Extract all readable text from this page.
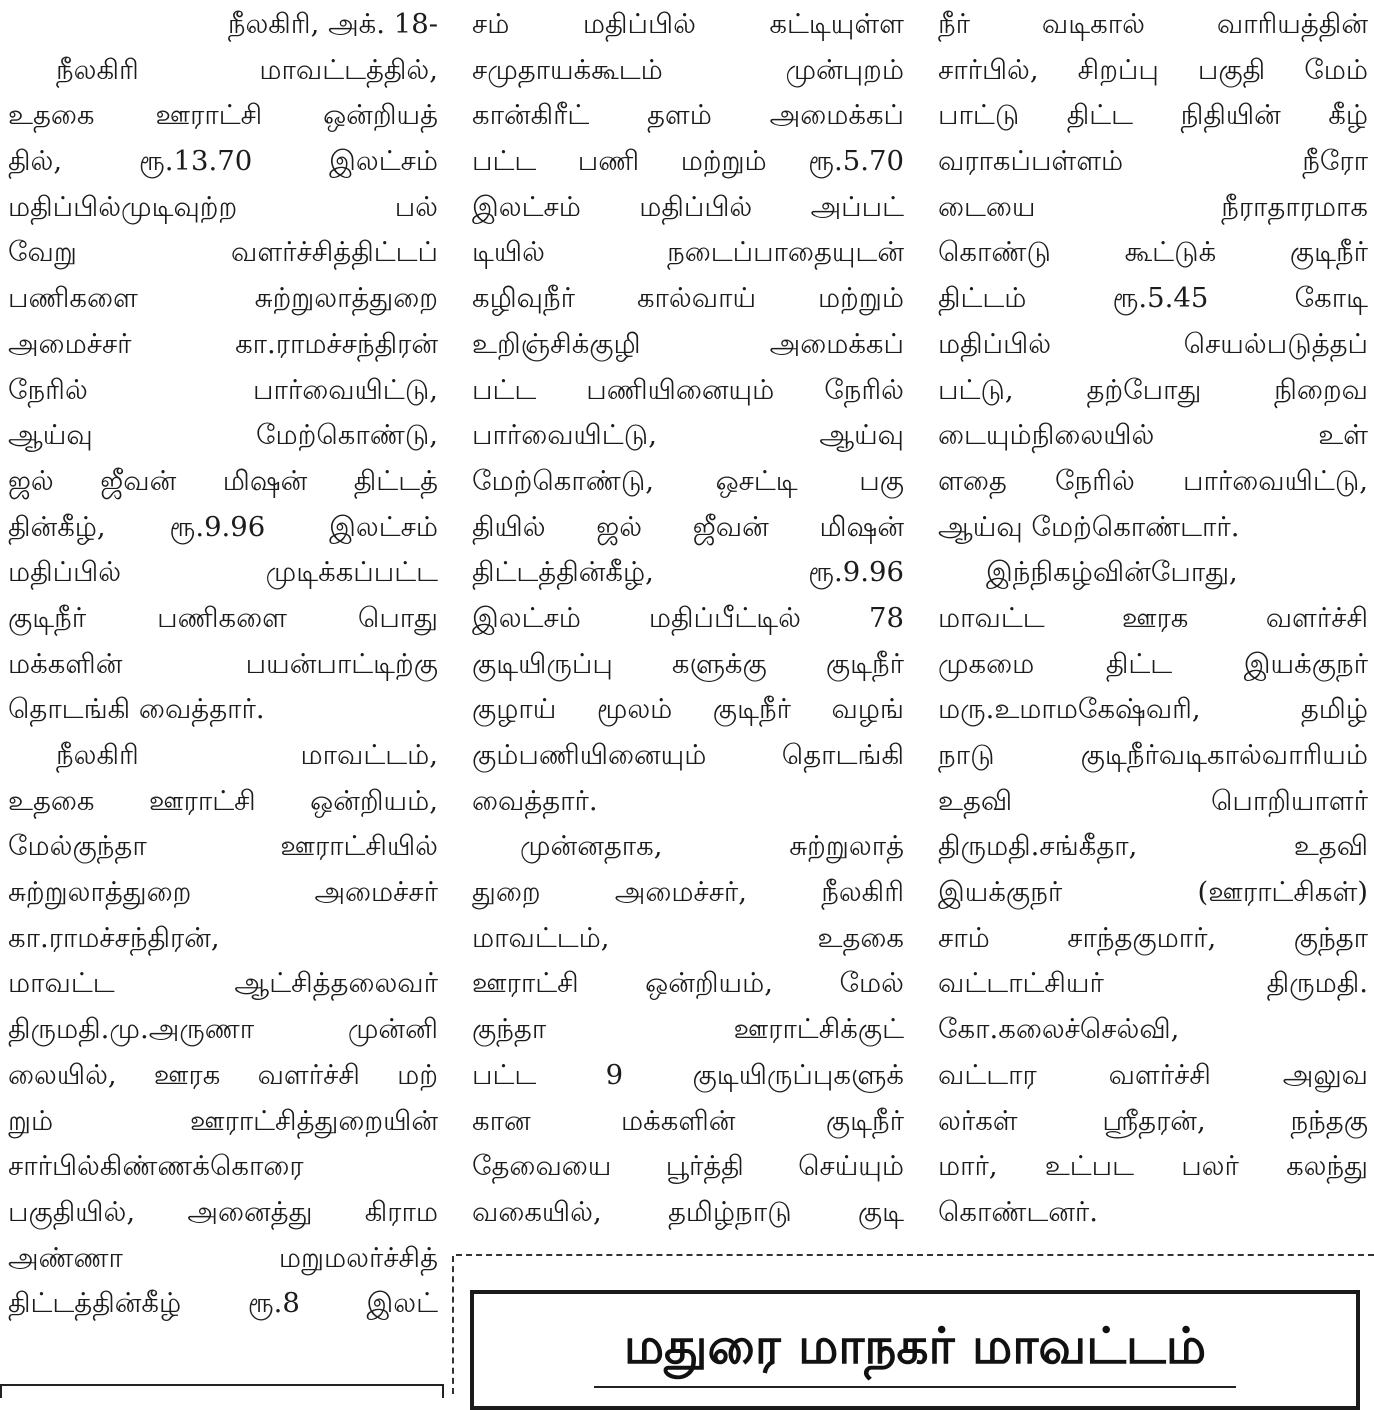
நீலகிரி, அக். 18-
நீலகிரி மாவட்டத்தில்,
உதகை ஊராட்சி ஒன்றியத்
தில், ரூ.13.70 இலட்சம்
மதிப்பில்முடிவுற்ற பல்
வேறு வளர்ச்சித்திட்டப்
பணிகளை சுற்றுலாத்துறை
அமைச்சர் கா.ராமச்சந்திரன்
நேரில் பார்வையிட்டு,
ஆய்வு மேற்கொண்டு,
ஜல் ஜீவன் மிஷன் திட்டத்
தின்கீழ், ரூ.9.96 இலட்சம்
மதிப்பில் முடிக்கப்பட்ட
குடிநீர் பணிகளை பொது
மக்களின் பயன்பாட்டிற்கு
தொடங்கி வைத்தார்.
நீலகிரி மாவட்டம்,
உதகை ஊராட்சி ஒன்றியம்,
மேல்குந்தா ஊராட்சியில்
சுற்றுலாத்துறை அமைச்சர்
கா.ராமச்சந்திரன்,
மாவட்ட ஆட்சித்தலைவர்
திருமதி.மு.அருணா முன்னி
லையில், ஊரக வளர்ச்சி மற்
றும் ஊராட்சித்துறையின்
சார்பில்கிண்ணக்கொரை
பகுதியில், அனைத்து கிராம
அண்ணா மறுமலர்ச்சித்
திட்டத்தின்கீழ் ரூ.8 இலட்
சம் மதிப்பில் கட்டியுள்ள
சமுதாயக்கூடம் முன்புறம்
கான்கிரீட் தளம் அமைக்கப்
பட்ட பணி மற்றும் ரூ.5.70
இலட்சம் மதிப்பில் அப்பட்
டியில் நடைப்பாதையுடன்
கழிவுநீர் கால்வாய் மற்றும்
உறிஞ்சிக்குழி அமைக்கப்
பட்ட பணியினையும் நேரில்
பார்வையிட்டு, ஆய்வு
மேற்கொண்டு, ஒசட்டி பகு
தியில் ஜல் ஜீவன் மிஷன்
திட்டத்தின்கீழ், ரூ.9.96
இலட்சம் மதிப்பீட்டில் 78
குடியிருப்பு களுக்கு குடிநீர்
குழாய் மூலம் குடிநீர் வழங்
கும்பணியினையும் தொடங்கி
வைத்தார்.
முன்னதாக, சுற்றுலாத்
துறை அமைச்சர், நீலகிரி
மாவட்டம், உதகை
ஊராட்சி ஒன்றியம், மேல்
குந்தா ஊராட்சிக்குட்
பட்ட 9 குடியிருப்புகளுக்
கான மக்களின் குடிநீர்
தேவையை பூர்த்தி செய்யும்
வகையில், தமிழ்நாடு குடி
நீர் வடிகால் வாரியத்தின்
சார்பில், சிறப்பு பகுதி மேம்
பாட்டு திட்ட நிதியின் கீழ்
வராகப்பள்ளம் நீரோ
டையை நீராதாரமாக
கொண்டு கூட்டுக் குடிநீர்
திட்டம் ரூ.5.45 கோடி
மதிப்பில் செயல்படுத்தப்
பட்டு, தற்போது நிறைவ
டையும்நிலையில் உள்
ளதை நேரில் பார்வையிட்டு,
ஆய்வு மேற்கொண்டார்.
இந்நிகழ்வின்போது,
மாவட்ட ஊரக வளர்ச்சி
முகமை திட்ட இயக்குநர்
மரு.உமாமகேஷ்வரி, தமிழ்
நாடு குடிநீர்வடிகால்வாரியம்
உதவி பொறியாளர்
திருமதி.சங்கீதா, உதவி
இயக்குநர் (ஊராட்சிகள்)
சாம் சாந்தகுமார், குந்தா
வட்டாட்சியர் திருமதி.
கோ.கலைச்செல்வி,
வட்டார வளர்ச்சி அலுவ
லர்கள் ஸ்ரீதரன், நந்தகு
மார், உட்பட பலர் கலந்து
கொண்டனர்.
மதுரை மாநகர் மாவட்டம்
